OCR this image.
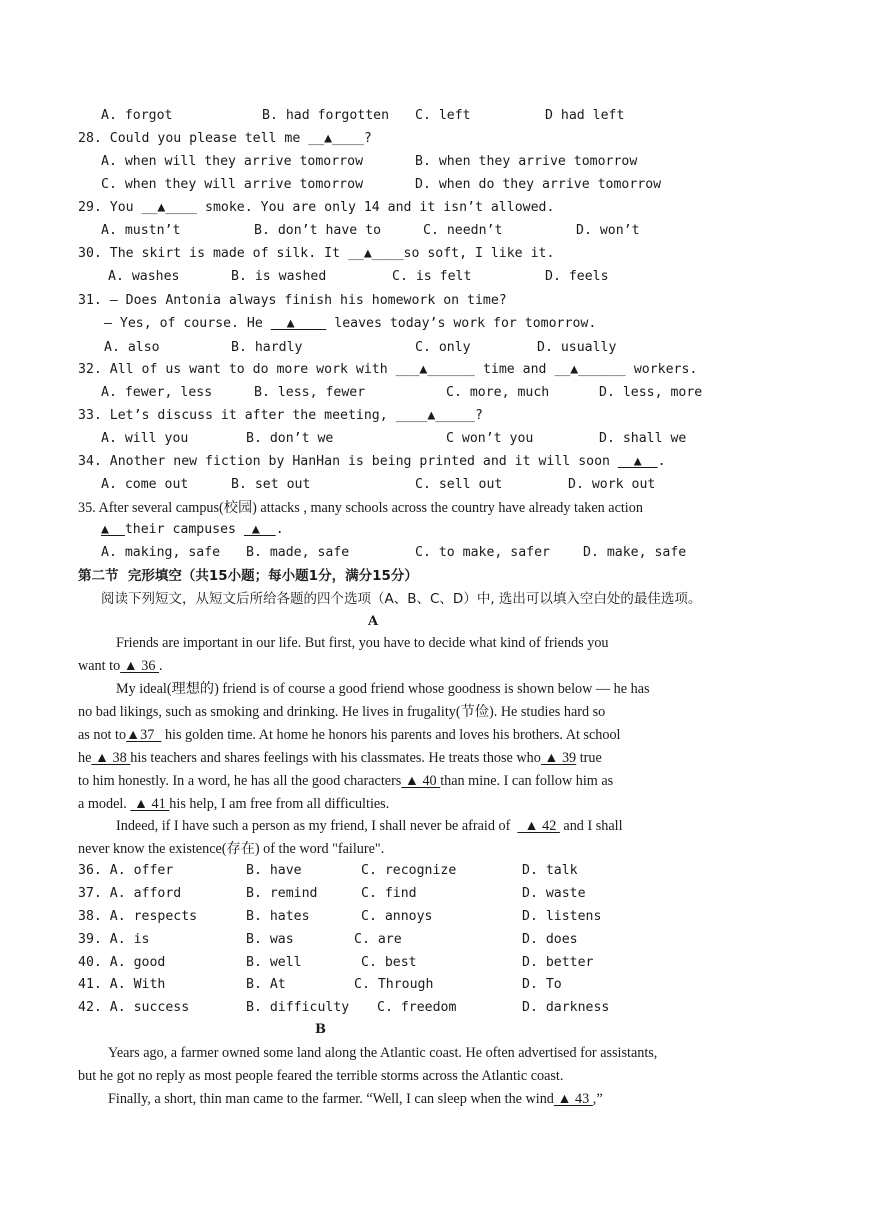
A. forgot	B. had forgotten C. left	D had left
28. Could you please tell me __▲____?
A. when will they arrive tomorrow	B. when they arrive tomorrow
C. when they will arrive tomorrow	D. when do they arrive tomorrow
29. You __▲____ smoke. You are only 14 and it isn’t allowed.
A. mustn’t	B. don’t have to	C. needn’t	D. won’t
30. The skirt is made of silk. It __▲____so soft, I like it.
A. washes	B. is washed	C. is felt	D. feels
31. — Does Antonia always finish his homework on time?
— Yes, of course. He   ▲     leaves today’s work for tomorrow.
A. also	B. hardly	C. only	D. usually
32. All of us want to do more work with ___▲______ time and __▲______ workers.
A. fewer, less	B. less, fewer	C. more, much	D. less, more
33. Let’s discuss it after the meeting, ____▲_____?
A. will you	B. don’t we	C won’t you	D. shall we
34. Another new fiction by HanHan is being printed and it will soon   ▲  .
A. come out	B. set out	C. sell out	D. work out
35. After several campus(校园) attacks , many schools across the country have already taken action
▲  their campuses  ▲  .
A. making, safe B. made, safe	C. to make, safer	D. make, safe
第二节  完形填空（共15小题；每小题1分，满分15分）
阅读下列短文，从短文后所给各题的四个选项（A、B、C、D）中, 选出可以填入空白处的最佳选项。
A
Friends are important in our life. But first, you have to decide what kind of friends you
want to ▲ 36 .
My ideal(理想的) friend is of course a good friend whose goodness is shown below — he has
no bad likings, such as smoking and drinking. He lives in frugality(节俭). He studies hard so
as not to▲37   his golden time. At home he honors his parents and loves his brothers. At school
he ▲ 38 his teachers and shares feelings with his classmates. He treats those who ▲ 39 true
to him honestly. In a word, he has all the good characters ▲ 40 than mine. I can follow him as
a model.  ▲ 41 his help, I am free from all difficulties.
Indeed, if I have such a person as my friend, I shall never be afraid of    ▲ 42  and I shall
never know the existence(存在) of the word "failure".
36. A. offer	B. have	C. recognize	D. talk
37. A. afford	B. remind	C. find	D. waste
38. A. respects	B. hates	C. annoys	D. listens
39. A. is	B. was	C. are	D. does
40. A. good	B. well	C. best	D. better
41. A. With	B. At	C. Through	D. To
42. A. success	B. difficulty C. freedom	D. darkness
B
Years ago, a farmer owned some land along the Atlantic coast. He often advertised for assistants,
but he got no reply as most people feared the terrible storms across the Atlantic coast.
Finally, a short, thin man came to the farmer. “Well, I can sleep when the wind ▲ 43 ,”
